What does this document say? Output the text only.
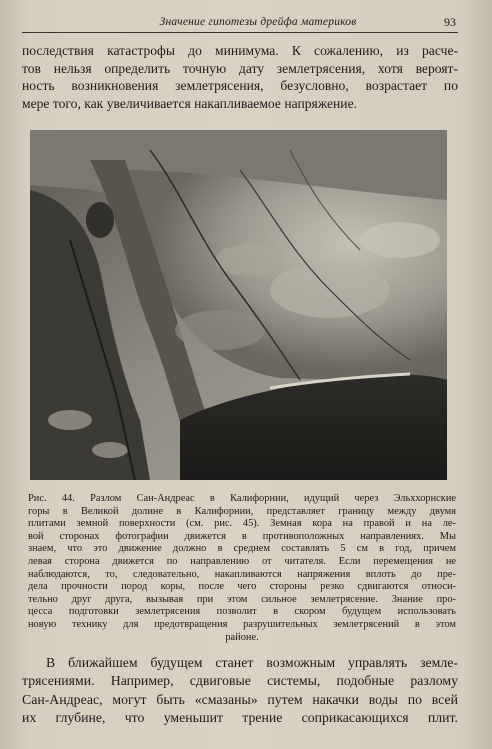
Значение гипотезы дрейфа материков	93

последствия катастрофы до минимума. К сожалению, из расче-
тов нельзя определить точную дату землетрясения, хотя вероят-
ность возникновения землетрясения, безусловно, возрастает по
мере того, как увеличивается накапливаемое напряжение.

Рис. 44. Разлом Сан-Андреас в Калифорнии, идущий через Эльххорнские
горы в Великой долине в Калифорнии, представляет границу между двумя
плитами земной поверхности (см. рис. 45). Земная кора на правой и на ле-
вой сторонах фотографии движется в противоположных направлениях. Мы
знаем, что это движение должно в среднем составлять 5 см в год, причем
левая сторона движется по направлению от читателя. Если перемещения не
наблюдаются, то, следовательно, накапливаются напряжения вплоть до пре-
дела прочности пород коры, после чего стороны резко сдвигаются относи-
тельно друг друга, вызывая при этом сильное землетрясение. Знание про-
цесса подготовки землетрясения позволит в скором будущем использовать
новую технику для предотвращения разрушительных землетрясений в этом
районе.

В ближайшем будущем станет возможным управлять земле-
трясениями. Например, сдвиговые системы, подобные разлому
Сан-Андреас, могут быть «смазаны» путем накачки воды по всей
их глубине, что уменьшит трение соприкасающихся плит.
